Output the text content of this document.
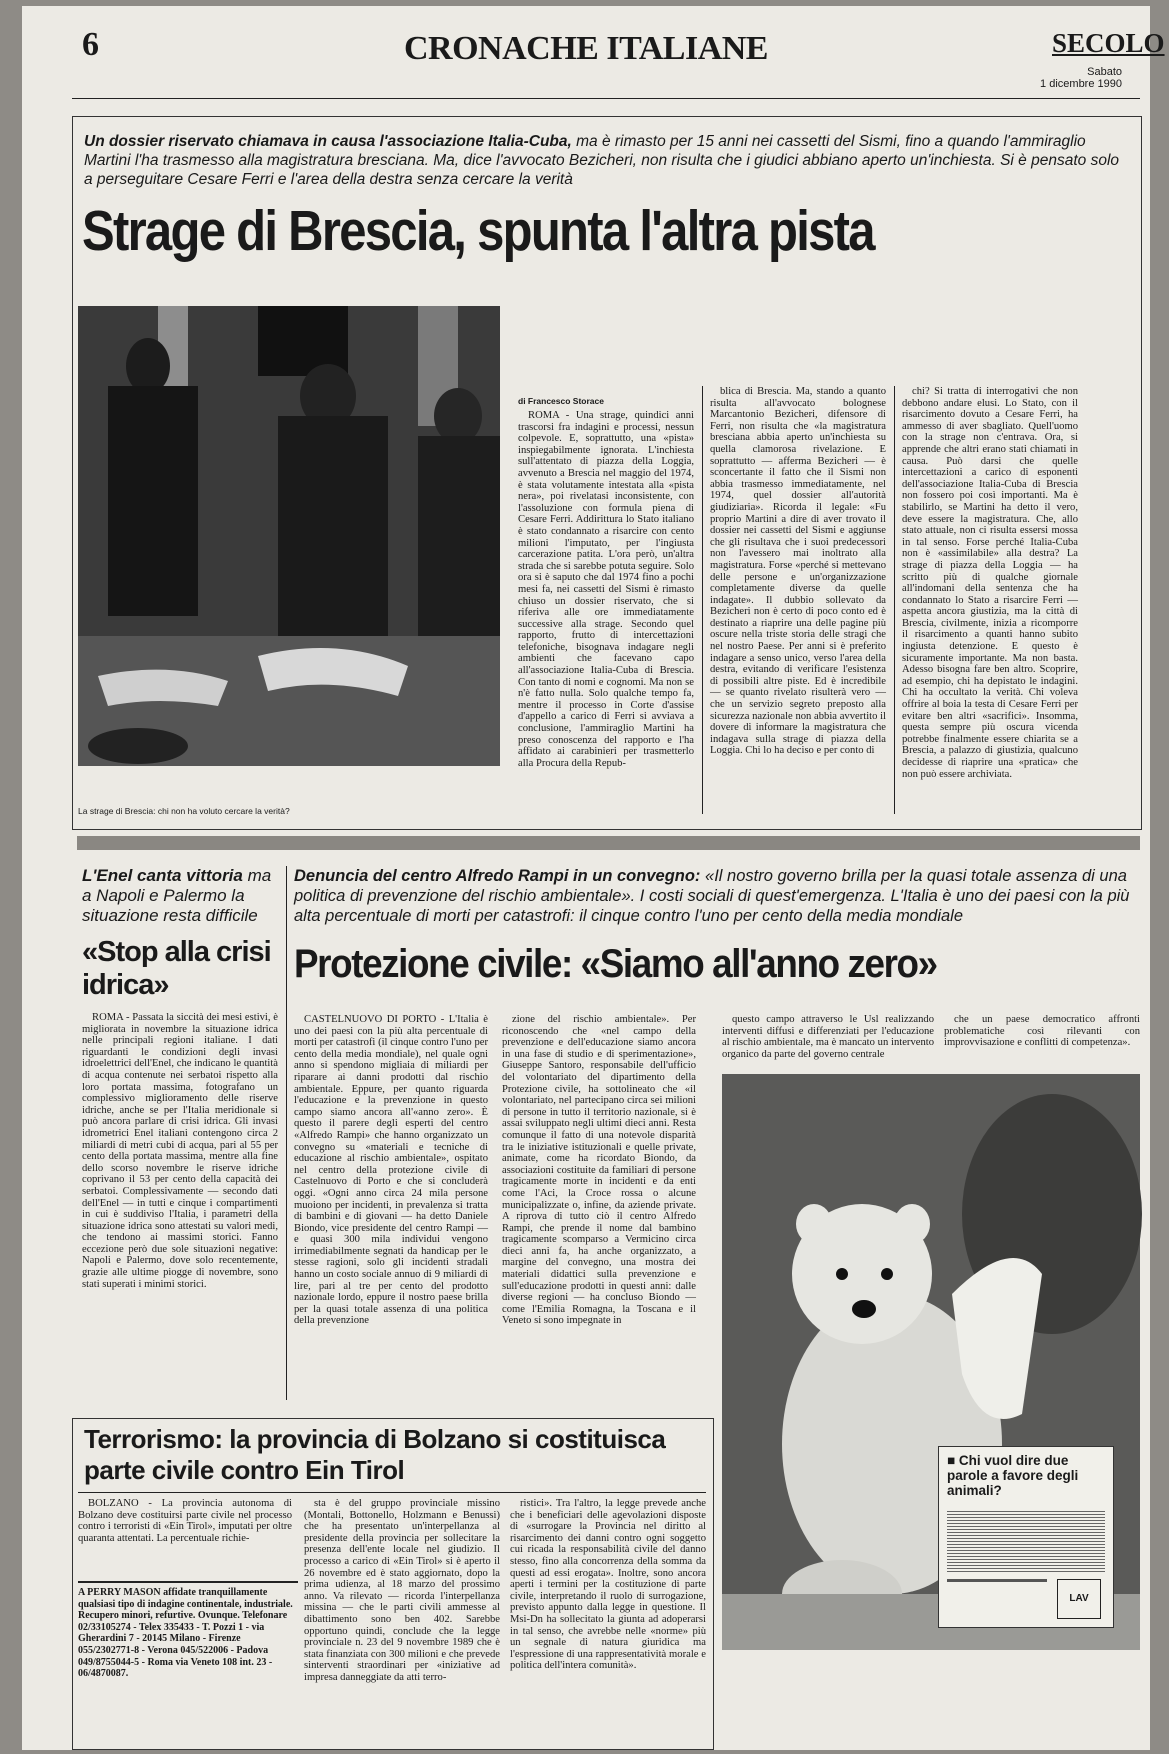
6	CRONACHE ITALIANE	SECOLO
Sabato
1 dicembre 1990
Un dossier riservato chiamava in causa l'associazione Italia-Cuba, ma è rimasto per 15 anni nei cassetti del Sismi, fino a quando l'ammiraglio Martini l'ha trasmesso alla magistratura bresciana. Ma, dice l'avvocato Bezicheri, non risulta che i giudici abbiano aperto un'inchiesta. Si è pensato solo a perseguitare Cesare Ferri e l'area della destra senza cercare la verità
Strage di Brescia, spunta l'altra pista
La strage di Brescia: chi non ha voluto cercare la verità?
di Francesco Storace

ROMA - Una strage, quindici anni trascorsi fra indagini e processi, nessun colpevole. E, soprattutto, una «pista» inspiegabilmente ignorata. L'inchiesta sull'attentato di piazza della Loggia, avvenuto a Brescia nel maggio del 1974, è stata volutamente intestata alla «pista nera», poi rivelatasi inconsistente, con l'assoluzione con formula piena di Cesare Ferri. Addirittura lo Stato italiano è stato condannato a risarcire con cento milioni l'imputato, per l'ingiusta carcerazione patita. L'ora però, un'altra strada che si sarebbe potuta seguire. Solo ora si è saputo che dal 1974 fino a pochi mesi fa, nei cassetti del Sismi è rimasto chiuso un dossier riservato, che si riferiva alle ore immediatamente successive alla strage. Secondo quel rapporto, frutto di intercettazioni telefoniche, bisognava indagare negli ambienti che facevano capo all'associazione Italia-Cuba di Brescia. Con tanto di nomi e cognomi. Ma non se n'è fatto nulla. Solo qualche tempo fa, mentre il processo in Corte d'assise d'appello a carico di Ferri si avviava a conclusione, l'ammiraglio Martini ha preso conoscenza del rapporto e l'ha affidato ai carabinieri per trasmetterlo alla Procura della Repub-

blica di Brescia. Ma, stando a quanto risulta all'avvocato bolognese Marcantonio Bezicheri, difensore di Ferri, non risulta che «la magistratura bresciana abbia aperto un'inchiesta su quella clamorosa rivelazione. E soprattutto — afferma Bezicheri — è sconcertante il fatto che il Sismi non abbia trasmesso immediatamente, nel 1974, quel dossier all'autorità giudiziaria». Ricorda il legale: «Fu proprio Martini a dire di aver trovato il dossier nei cassetti del Sismi e aggiunse che gli risultava che i suoi predecessori non l'avessero mai inoltrato alla magistratura. Forse «perché si mettevano delle persone e un'organizzazione completamente diverse da quelle indagate». Il dubbio sollevato da Bezicheri non è certo di poco conto ed è destinato a riaprire una delle pagine più oscure nella triste storia delle stragi che nel nostro Paese. Per anni si è preferito indagare a senso unico, verso l'area della destra, evitando di verificare l'esistenza di possibili altre piste. Ed è incredibile — se quanto rivelato risulterà vero — che un servizio segreto preposto alla sicurezza nazionale non abbia avvertito il dovere di informare la magistratura che indagava sulla strage di piazza della Loggia. Chi lo ha deciso e per conto di

chi? Si tratta di interrogativi che non debbono andare elusi. Lo Stato, con il risarcimento dovuto a Cesare Ferri, ha ammesso di aver sbagliato. Quell'uomo con la strage non c'entrava. Ora, si apprende che altri erano stati chiamati in causa. Può darsi che quelle intercettazioni a carico di esponenti dell'associazione Italia-Cuba di Brescia non fossero poi così importanti. Ma è stabilirlo, se Martini ha detto il vero, deve essere la magistratura. Che, allo stato attuale, non ci risulta essersi mossa in tal senso. Forse perché Italia-Cuba non è «assimilabile» alla destra? La strage di piazza della Loggia — ha scritto più di qualche giornale all'indomani della sentenza che ha condannato lo Stato a risarcire Ferri — aspetta ancora giustizia, ma la città di Brescia, civilmente, inizia a ricomporre il risarcimento a quanti hanno subito ingiusta detenzione. E questo è sicuramente importante. Ma non basta. Adesso bisogna fare ben altro. Scoprire, ad esempio, chi ha depistato le indagini. Chi ha occultato la verità. Chi voleva offrire al boia la testa di Cesare Ferri per evitare ben altri «sacrifici». Insomma, questa sempre più oscura vicenda potrebbe finalmente essere chiarita se a Brescia, a palazzo di giustizia, qualcuno decidesse di riaprire una «pratica» che non può essere archiviata.

L'Enel canta vittoria ma a Napoli e Palermo la situazione resta difficile
«Stop alla crisi idrica»

ROMA - Passata la siccità dei mesi estivi, è migliorata in novembre la situazione idrica nelle principali regioni italiane. I dati riguardanti le condizioni degli invasi idroelettrici dell'Enel, che indicano le quantità di acqua contenute nei serbatoi rispetto alla loro portata massima, fotografano un complessivo miglioramento delle riserve idriche, anche se per l'Italia meridionale si può ancora parlare di crisi idrica. Gli invasi idrometrici Enel italiani contengono circa 2 miliardi di metri cubi di acqua, pari al 55 per cento della portata massima, mentre alla fine dello scorso novembre le riserve idriche coprivano il 53 per cento della capacità dei serbatoi. Complessivamente — secondo dati dell'Enel — in tutti e cinque i compartimenti in cui è suddiviso l'Italia, i parametri della situazione idrica sono attestati su valori medi, che tendono ai massimi storici. Fanno eccezione però due sole situazioni negative: Napoli e Palermo, dove solo recentemente, grazie alle ultime piogge di novembre, sono stati superati i minimi storici.

Denuncia del centro Alfredo Rampi in un convegno: «Il nostro governo brilla per la quasi totale assenza di una politica di prevenzione del rischio ambientale». I costi sociali di quest'emergenza. L'Italia è uno dei paesi con la più alta percentuale di morti per catastrofi: il cinque contro l'uno per cento della media mondiale
Protezione civile: «Siamo all'anno zero»

CASTELNUOVO DI PORTO - L'Italia è uno dei paesi con la più alta percentuale di morti per catastrofi (il cinque contro l'uno per cento della media mondiale), nel quale ogni anno si spendono migliaia di miliardi per riparare ai danni prodotti dal rischio ambientale. Eppure, per quanto riguarda l'educazione e la prevenzione in questo campo siamo ancora all'«anno zero». È questo il parere degli esperti del centro «Alfredo Rampi» che hanno organizzato un convegno su «materiali e tecniche di educazione al rischio ambientale», ospitato nel centro della protezione civile di Castelnuovo di Porto e che si concluderà oggi. «Ogni anno circa 24 mila persone muoiono per incidenti, in prevalenza si tratta di bambini e di giovani — ha detto Daniele Biondo, vice presidente del centro Rampi — e quasi 300 mila individui vengono irrimediabilmente segnati da handicap per le stesse ragioni, solo gli incidenti stradali hanno un costo sociale annuo di 9 miliardi di lire, pari al tre per cento del prodotto nazionale lordo, eppure il nostro paese brilla per la quasi totale assenza di una politica della prevenzione

zione del rischio ambientale». Per riconoscendo che «nel campo della prevenzione e dell'educazione siamo ancora in una fase di studio e di sperimentazione», Giuseppe Santoro, responsabile dell'ufficio del volontariato del dipartimento della Protezione civile, ha sottolineato che «il volontariato, nel partecipano circa sei milioni di persone in tutto il territorio nazionale, si è assai sviluppato negli ultimi dieci anni. Resta comunque il fatto di una notevole disparità tra le iniziative istituzionali e quelle private, animate, come ha ricordato Biondo, da associazioni costituite da familiari di persone tragicamente morte in incidenti e da enti come l'Aci, la Croce rossa o alcune municipalizzate o, infine, da aziende private. A riprova di tutto ciò il centro Alfredo Rampi, che prende il nome dal bambino tragicamente scomparso a Vermicino circa dieci anni fa, ha anche organizzato, a margine del convegno, una mostra dei materiali didattici sulla prevenzione e sull'educazione prodotti in questi anni: dalle diverse regioni — ha concluso Biondo — come l'Emilia Romagna, la Toscana e il Veneto si sono impegnate in

questo campo attraverso le Usl realizzando interventi diffusi e differenziati per l'educazione al rischio ambientale, ma è mancato un intervento organico da parte del governo centrale

che un paese democratico affronti problematiche così rilevanti con improvvisazione e conflitti di competenza».

■ Chi vuol dire due parole a favore degli animali?
LAV
Terrorismo: la provincia di Bolzano si costituisca parte civile contro Ein Tirol

BOLZANO - La provincia autonoma di Bolzano deve costituirsi parte civile nel processo contro i terroristi di «Ein Tirol», imputati per oltre quaranta attentati. La percentuale richie-

A PERRY MASON affidate tranquillamente qualsiasi tipo di indagine continentale, industriale. Recupero minori, refurtive. Ovunque. Telefonare 02/33105274 - Telex 335433 - T. Pozzi 1 - via Gherardini 7 - 20145 Milano - Firenze 055/2302771-8 - Verona 045/522006 - Padova 049/8755044-5 - Roma via Veneto 108 int. 23 - 06/4870087.

sta è del gruppo provinciale missino (Montali, Bottonello, Holzmann e Benussi) che ha presentato un'interpellanza al presidente della provincia per sollecitare la presenza dell'ente locale nel giudizio. Il processo a carico di «Ein Tirol» si è aperto il 26 novembre ed è stato aggiornato, dopo la prima udienza, al 18 marzo del prossimo anno. Va rilevato — ricorda l'interpellanza missina — che le parti civili ammesse al dibattimento sono ben 402. Sarebbe opportuno quindi, conclude che la legge provinciale n. 23 del 9 novembre 1989 che è stata finanziata con 300 milioni e che prevede sinterventi straordinari per «iniziative ad impresa danneggiate da atti terro-

ristici». Tra l'altro, la legge prevede anche che i beneficiari delle agevolazioni disposte di «surrogare la Provincia nel diritto al risarcimento dei danni contro ogni soggetto cui ricada la responsabilità civile del danno stesso, fino alla concorrenza della somma da questi ad essi erogata». Inoltre, sono ancora aperti i termini per la costituzione di parte civile, interpretando il ruolo di surrogazione, previsto appunto dalla legge in questione. Il Msi-Dn ha sollecitato la giunta ad adoperarsi in tal senso, che avrebbe nelle «norme» più un segnale di natura giuridica ma l'espressione di una rappresentatività morale e politica dell'intera comunità».
